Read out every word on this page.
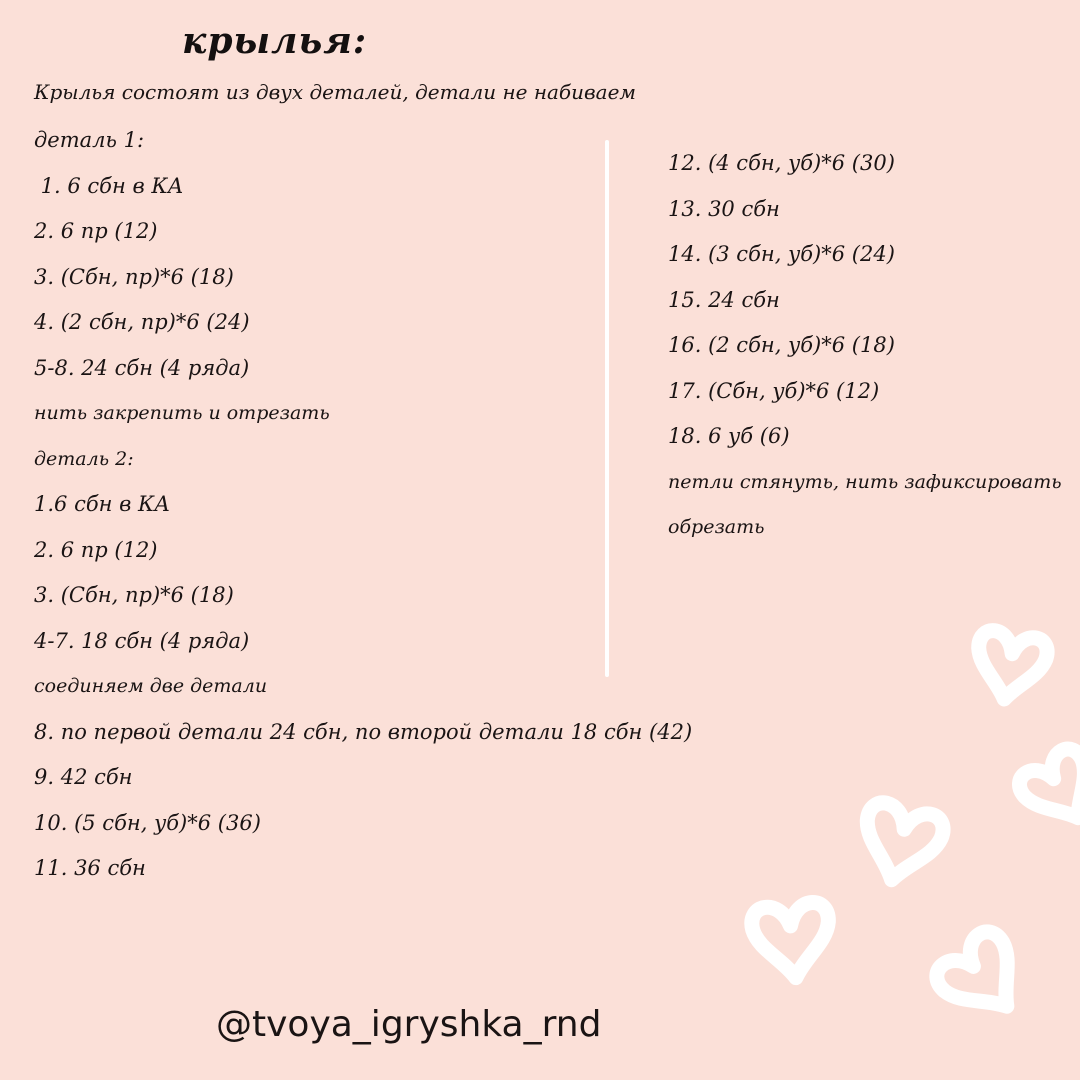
крылья:
Крылья состоят из двух деталей, детали не набиваем
деталь 1:
1. 6 сбн в КА
2. 6 пр (12)
3. (Сбн, пр)*6 (18)
4. (2 сбн, пр)*6 (24)
5-8. 24 сбн (4 ряда)
нить закрепить и отрезать
деталь 2:
1.6 сбн в КА
2. 6 пр (12)
3. (Сбн, пр)*6 (18)
4-7. 18 сбн (4 ряда)
соединяем две детали
8. по первой детали 24 сбн, по второй детали 18 сбн (42)
9. 42 сбн
10. (5 сбн, уб)*6 (36)
11. 36 сбн
12. (4 сбн, уб)*6 (30)
13. 30 сбн
14. (3 сбн, уб)*6 (24)
15. 24 сбн
16. (2 сбн, уб)*6 (18)
17. (Сбн, уб)*6 (12)
18. 6 уб (6)
петли стянуть, нить зафиксировать
обрезать
@tvoya_igryshka_rnd
